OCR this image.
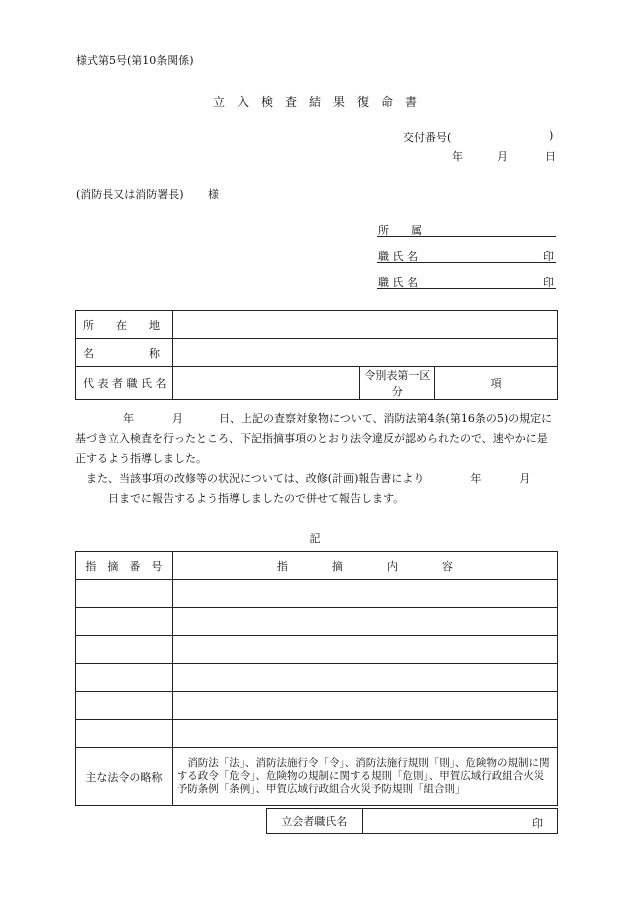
様式第5号(第10条関係)
立　入　検　査　結　果　復　命　書
交付番号(	)
年	月	日
(消防長又は消防署長) 様
所　　属
職 氏 名	印
職 氏 名	印
所　　在　　地			
名　　　　　称			
代 表 者 職 氏 名		令別表第一区分	項

年	月	日、上記の査察対象物について、消防法第4条(第16条の5)の規定に基づき立入検査を行ったところ、下記指摘事項のとおり法令違反が認められたので、速やかに是正するよう指導しました。

また、当該事項の改修等の状況については、改修(計画)報告書により	年	月
日までに報告するよう指導しましたので併せて報告します。

記
指　摘　番　号	指　　　　摘　　　　内　　　　容

主な法令の略称	消防法「法」、消防法施行令「令」、消防法施行規則「則」、危険物の規制に関する政令「危令」、危険物の規制に関する規則「危則」、甲賀広域行政組合火災予防条例「条例」、甲賀広域行政組合火災予防規則「組合則」
立会者職氏名	印
